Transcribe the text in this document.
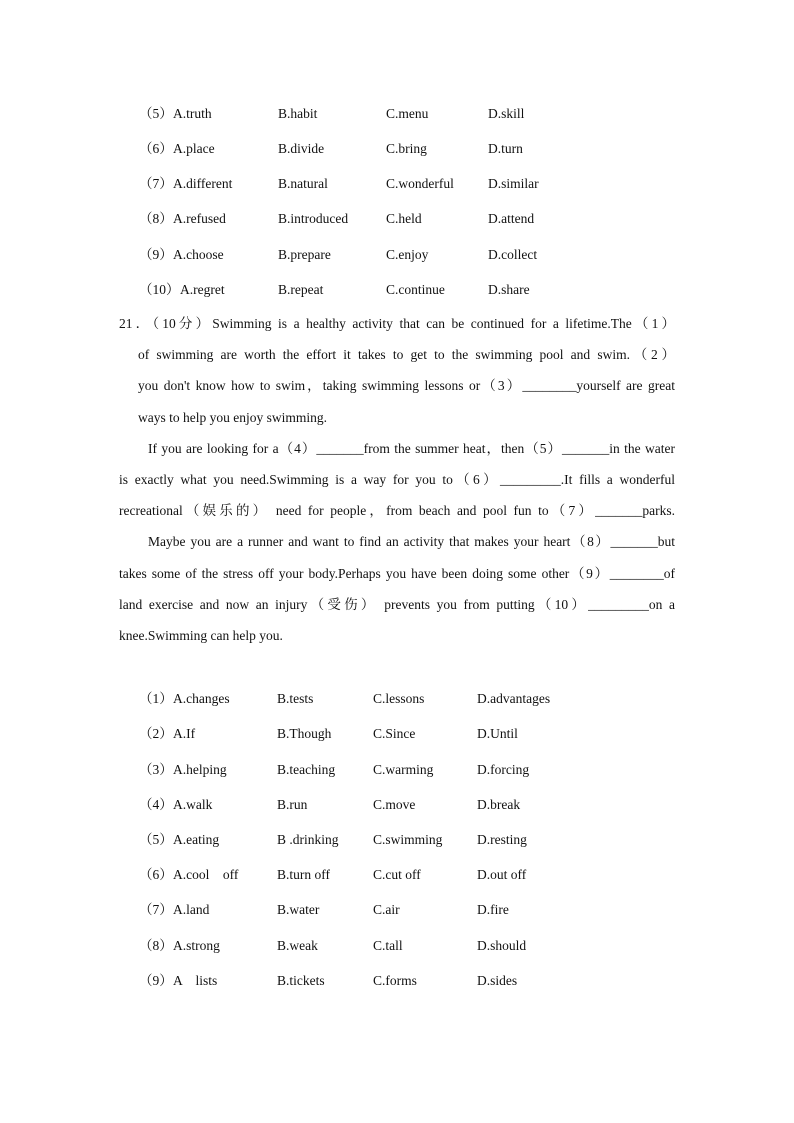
（5） A.truth	B.habit	C.menu	D.skill
（6） A.place	B.divide	C.bring	D.turn
（7） A.different	B.natural	C.wonderful	D.similar
（8） A.refused	B.introduced	C.held	D.attend
（9） A.choose	B.prepare	C.enjoy	D.collect
（10） A.regret	B.repeat	C.continue	D.share
21．（10分）Swimming is a healthy activity that can be continued for a lifetime.The（1）
of swimming are worth the effort it takes to get to the swimming pool and swim.（2）
you don't know how to swim，taking swimming lessons or（3）________yourself are great
ways to help you enjoy swimming.
If you are looking for a（4）_______from the summer heat，then（5）_______in the water
is exactly what you need.Swimming is a way for you to（6）_________.It fills a wonderful
recreational（娱乐的） need for people，from beach and pool fun to（7）_______parks.
Maybe you are a runner and want to find an activity that makes your heart（8）_______but
takes some of the stress off your body.Perhaps you have been doing some other（9）________of
land exercise and now an injury（受伤） prevents you from putting（10）_________on a
knee.Swimming can help you.
（1） A.changes	B.tests	C.lessons	D.advantages
（2） A.If	B.Though	C.Since	D.Until
（3） A.helping	B.teaching	C.warming	D.forcing
（4） A.walk	B.run	C.move	D.break
（5） A.eating	B .drinking	C.swimming	D.resting
（6） A.cool　off	B.turn off	C.cut off	D.out off
（7） A.land	B.water	C.air	D.fire
（8） A.strong	B.weak	C.tall	D.should
（9） A　lists	B.tickets	C.forms	D.sides
